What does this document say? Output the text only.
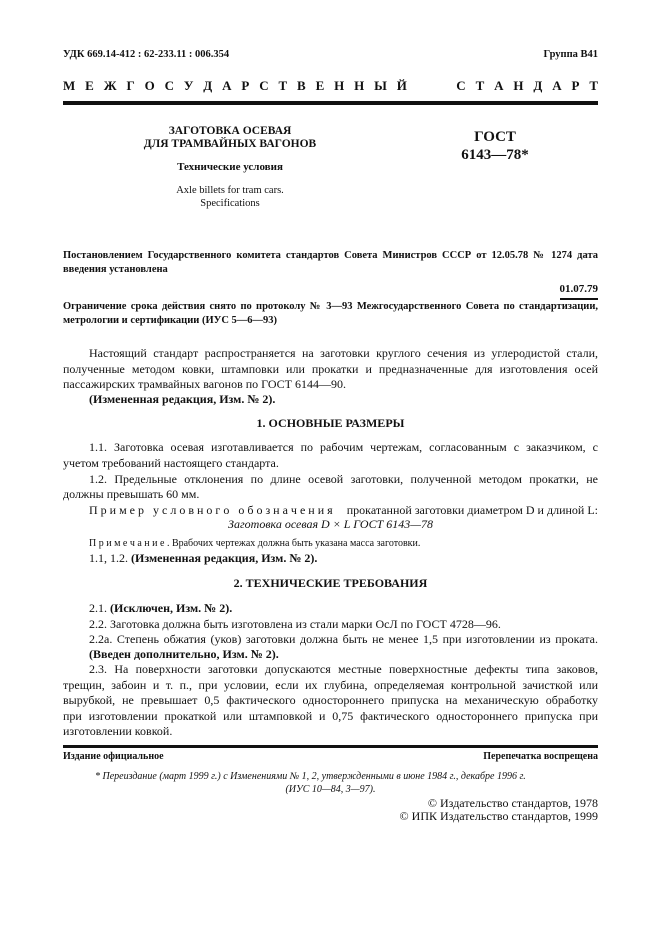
УДК 669.14-412 : 62-233.11 : 006.354	Группа В41
М Е Ж Г О С У Д А Р С Т В Е Н Н Ы Й     С Т А Н Д А Р Т
ЗАГОТОВКА ОСЕВАЯ
ДЛЯ ТРАМВАЙНЫХ ВАГОНОВ
Технические условия
Axle billets for tram cars.
Specifications
ГОСТ
6143—78*
Постановлением Государственного комитета стандартов Совета Министров СССР от 12.05.78 № 1274 дата
введения установлена
01.07.79
Ограничение срока действия снято по протоколу № 3—93 Межгосударственного Совета по стандартизации,
метрологии и сертификации (ИУС 5—6—93)
Настоящий стандарт распространяется на заготовки круглого сечения из углеродистой стали,
полученные методом ковки, штамповки или прокатки и предназначенные для изготовления осей
пассажирских трамвайных вагонов по ГОСТ 6144—90.
(Измененная редакция, Изм. № 2).
1. ОСНОВНЫЕ РАЗМЕРЫ
1.1. Заготовка осевая изготавливается по рабочим чертежам, согласованным с заказчиком, с
учетом требований настоящего стандарта.
1.2. Предельные отклонения по длине осевой заготовки, полученной методом прокатки, не
должны превышать 60 мм.
П р и м е р   у с л о в н о г о   о б о з н а ч е н и я прокатанной заготовки диаметром D и длиной L:
Заготовка осевая D × L ГОСТ 6143—78
П р и м е ч а н и е . Врабочих чертежах должна быть указана масса заготовки.
1.1, 1.2. (Измененная редакция, Изм. № 2).
2. ТЕХНИЧЕСКИЕ ТРЕБОВАНИЯ
2.1. (Исключен, Изм. № 2).
2.2. Заготовка должна быть изготовлена из стали марки ОсЛ по ГОСТ 4728—96.
2.2а. Степень обжатия (уков) заготовки должна быть не менее 1,5 при изготовлении из проката.
(Введен дополнительно, Изм. № 2).
2.3. На поверхности заготовки допускаются местные поверхностные дефекты типа заковов,
трещин, забоин и т. п., при условии, если их глубина, определяемая контрольной зачисткой или
вырубкой, не превышает 0,5 фактического одностороннего припуска на механическую обработку
при изготовлении прокаткой или штамповкой и 0,75 фактического одностороннего припуска при
изготовлении ковкой.
Издание официальное	Перепечатка воспрещена
* Переиздание (март 1999 г.) с Изменениями № 1, 2, утвержденными в июне 1984 г., декабре 1996 г.
(ИУС 10—84, 3—97).
© Издательство стандартов, 1978
© ИПК Издательство стандартов, 1999
